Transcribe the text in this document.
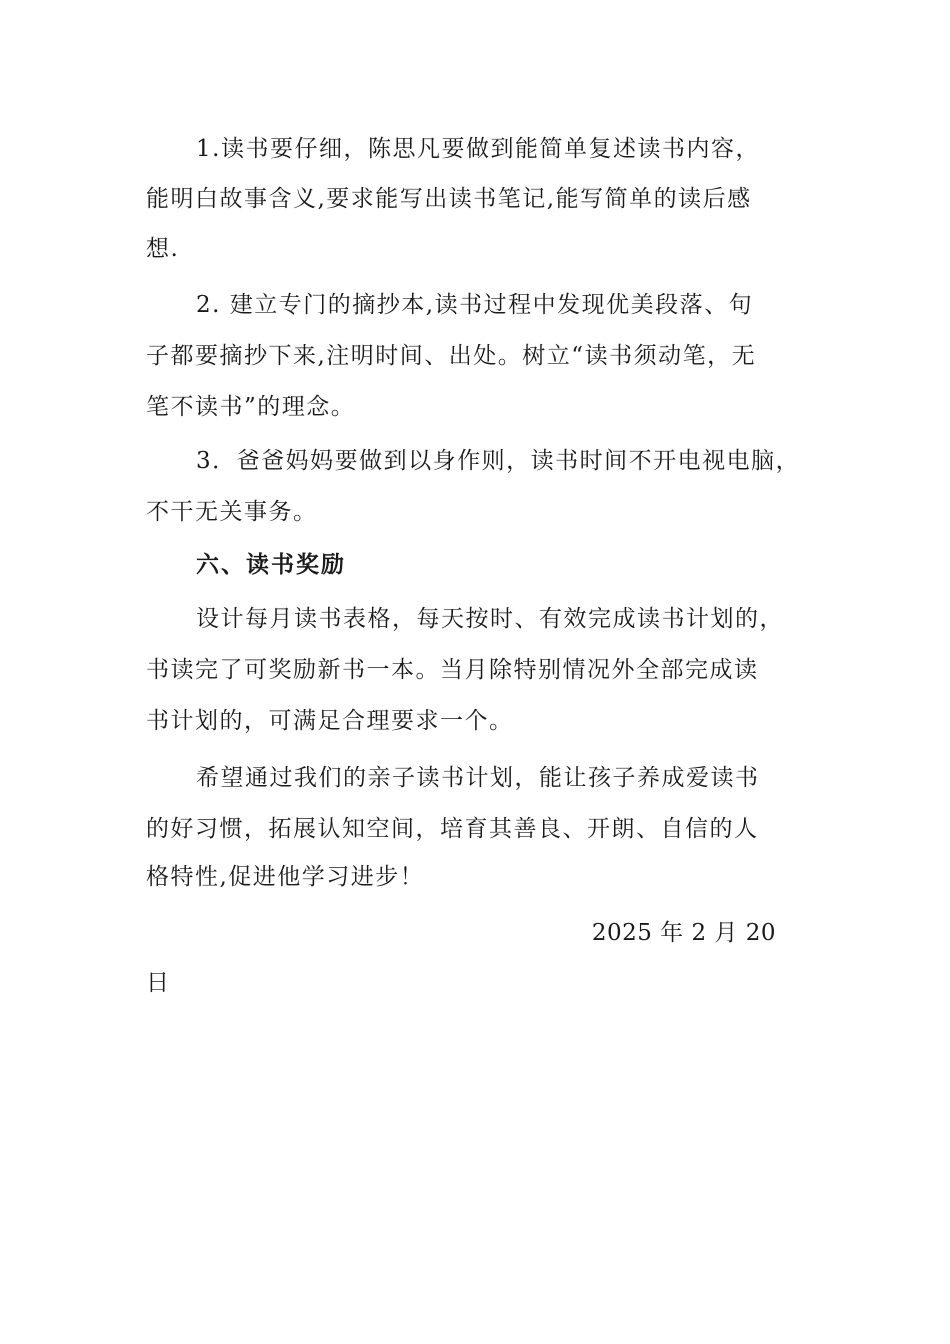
1.读书要仔细，陈思凡要做到能简单复述读书内容，
能明白故事含义,要求能写出读书笔记,能写简单的读后感
想.
2. 建立专门的摘抄本,读书过程中发现优美段落、句
子都要摘抄下来,注明时间、出处。树立“读书须动笔，无
笔不读书”的理念。
3．爸爸妈妈要做到以身作则，读书时间不开电视电脑，
不干无关事务。
六、读书奖励
设计每月读书表格，每天按时、有效完成读书计划的，
书读完了可奖励新书一本。当月除特别情况外全部完成读
书计划的，可满足合理要求一个。
希望通过我们的亲子读书计划，能让孩子养成爱读书
的好习惯，拓展认知空间，培育其善良、开朗、自信的人
格特性,促进他学习进步！
2025 年 2 月 20
日
